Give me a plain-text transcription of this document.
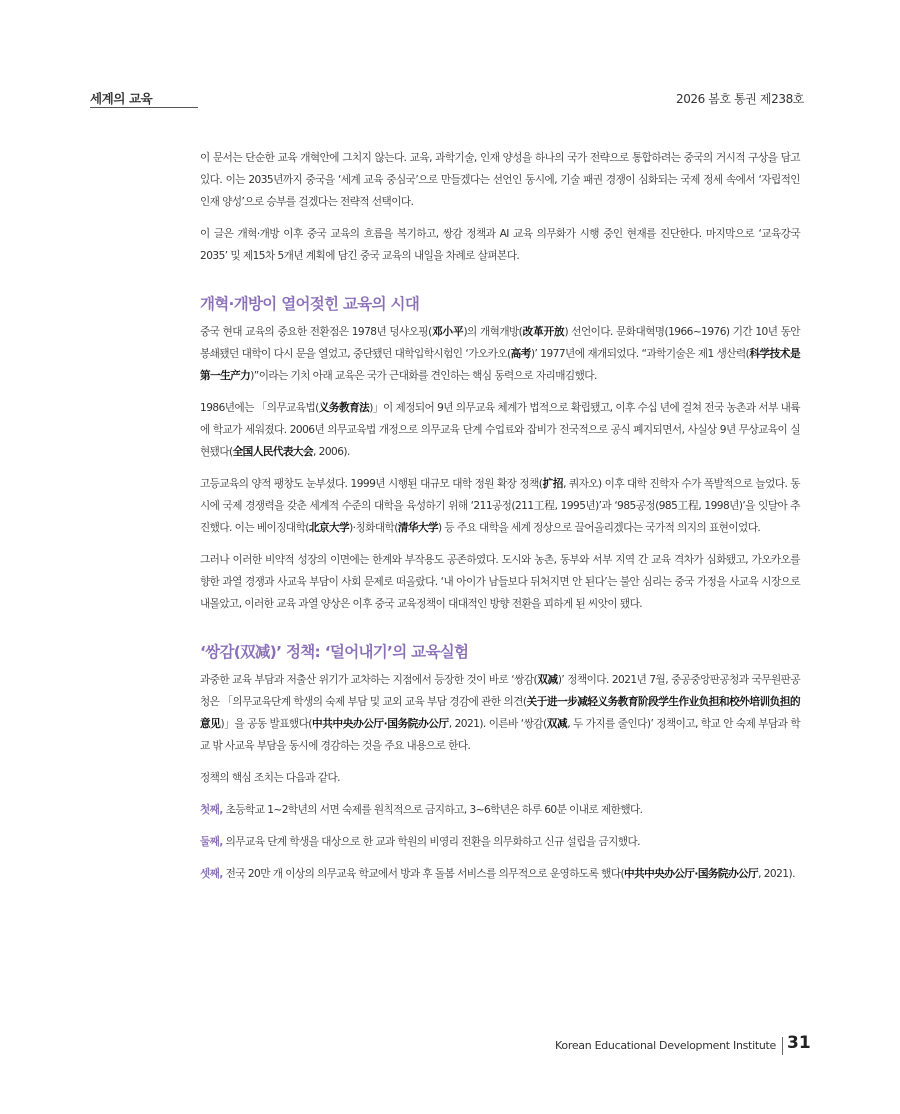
세계의 교육	2026 봄호 통권 제238호

이 문서는 단순한 교육 개혁안에 그치지 않는다. 교육, 과학기술, 인재 양성을 하나의 국가 전략으로 통합하려는 중국의 거시적 구상을 담고 있다. 이는 2035년까지 중국을 ‘세계 교육 중심국’으로 만들겠다는 선언인 동시에, 기술 패권 경쟁이 심화되는 국제 정세 속에서 ‘자립적인 인재 양성’으로 승부를 걸겠다는 전략적 선택이다.

이 글은 개혁·개방 이후 중국 교육의 흐름을 복기하고, 쌍감 정책과 AI 교육 의무화가 시행 중인 현재를 진단한다. 마지막으로 ‘교육강국 2035’ 및 제15차 5개년 계획에 담긴 중국 교육의 내일을 차례로 살펴본다.

개혁·개방이 열어젖힌 교육의 시대

중국 현대 교육의 중요한 전환점은 1978년 덩샤오핑(邓小平)의 개혁개방(改革开放) 선언이다. 문화대혁명(1966~1976) 기간 10년 동안 봉쇄됐던 대학이 다시 문을 열었고, 중단됐던 대학입학시험인 ‘가오카오(高考)’ 1977년에 재개되었다. “과학기술은 제1 생산력(科学技术是第一生产力)”이라는 기치 아래 교육은 국가 근대화를 견인하는 핵심 동력으로 자리매김했다.

1986년에는 「의무교육법(义务教育法)」이 제정되어 9년 의무교육 체계가 법적으로 확립됐고, 이후 수십 년에 걸쳐 전국 농촌과 서부 내륙에 학교가 세워졌다. 2006년 의무교육법 개정으로 의무교육 단계 수업료와 잡비가 전국적으로 공식 폐지되면서, 사실상 9년 무상교육이 실현됐다(全国人民代表大会, 2006).

고등교육의 양적 팽창도 눈부셨다. 1999년 시행된 대규모 대학 정원 확장 정책(扩招, 쿼자오) 이후 대학 진학자 수가 폭발적으로 늘었다. 동시에 국제 경쟁력을 갖춘 세계적 수준의 대학을 육성하기 위해 ‘211공정(211工程, 1995년)’과 ‘985공정(985工程, 1998년)’을 잇달아 추진했다. 이는 베이징대학(北京大学)·칭화대학(清华大学) 등 주요 대학을 세계 정상으로 끌어올리겠다는 국가적 의지의 표현이었다.

그러나 이러한 비약적 성장의 이면에는 한계와 부작용도 공존하였다. 도시와 농촌, 동부와 서부 지역 간 교육 격차가 심화됐고, 가오카오를 향한 과열 경쟁과 사교육 부담이 사회 문제로 떠올랐다. ‘내 아이가 남들보다 뒤처지면 안 된다’는 불안 심리는 중국 가정을 사교육 시장으로 내몰았고, 이러한 교육 과열 양상은 이후 중국 교육정책이 대대적인 방향 전환을 꾀하게 된 씨앗이 됐다.

‘쌍감(双减)’ 정책: ‘덜어내기’의 교육실험

과중한 교육 부담과 저출산 위기가 교차하는 지점에서 등장한 것이 바로 ‘쌍감(双减)’ 정책이다. 2021년 7월, 중공중앙판공청과 국무원판공청은 「의무교육단계 학생의 숙제 부담 및 교외 교육 부담 경감에 관한 의견(关于进一步减轻义务教育阶段学生作业负担和校外培训负担的意见)」을 공동 발표했다(中共中央办公厅·国务院办公厅, 2021). 이른바 ‘쌍감(双减, 두 가지를 줄인다)’ 정책이고, 학교 안 숙제 부담과 학교 밖 사교육 부담을 동시에 경감하는 것을 주요 내용으로 한다.

정책의 핵심 조치는 다음과 같다.

첫째, 초등학교 1~2학년의 서면 숙제를 원칙적으로 금지하고, 3~6학년은 하루 60분 이내로 제한했다.

둘째, 의무교육 단계 학생을 대상으로 한 교과 학원의 비영리 전환을 의무화하고 신규 설립을 금지했다.

셋째, 전국 20만 개 이상의 의무교육 학교에서 방과 후 돌봄 서비스를 의무적으로 운영하도록 했다(中共中央办公厅·国务院办公厅, 2021).

Korean Educational Development Institute 31
